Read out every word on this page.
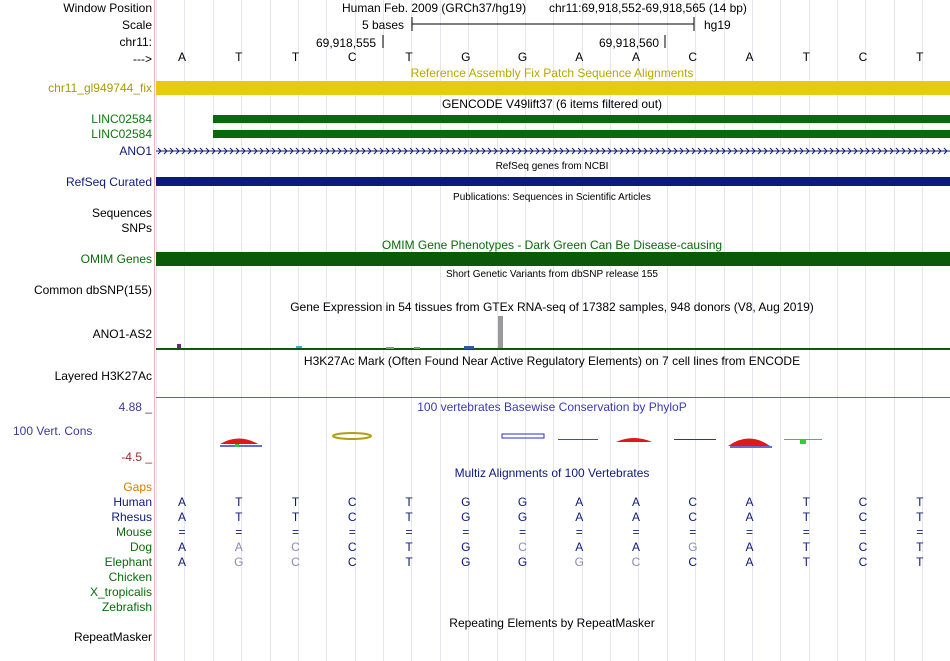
Window Position
Scale
chr11:
--->
Human Feb. 2009 (GRCh37/hg19) chr11:69,918,552-69,918,565 (14 bp)
5 bases	hg19
69,918,555	69,918,560
A	T	T	C	T	G	G	A	A	C	A	T	C	T
Reference Assembly Fix Patch Sequence Alignments
chr11_gl949744_fix
GENCODE V49lift37 (6 items filtered out)
LINC02584
LINC02584
ANO1
RefSeq genes from NCBI
RefSeq Curated
Publications: Sequences in Scientific Articles
Sequences
SNPs
OMIM Gene Phenotypes - Dark Green Can Be Disease-causing
OMIM Genes
Short Genetic Variants from dbSNP release 155
Common dbSNP(155)
Gene Expression in 54 tissues from GTEx RNA-seq of 17382 samples, 948 donors (V8, Aug 2019)
ANO1-AS2
H3K27Ac Mark (Often Found Near Active Regulatory Elements) on 7 cell lines from ENCODE
Layered H3K27Ac
100 vertebrates Basewise Conservation by PhyloP
4.88 _
100 Vert. Cons
-4.5 _
Multiz Alignments of 100 Vertebrates
Gaps
Human	A	T	T	C	T	G	G	A	A	C	A	T	C	T
Rhesus	A	T	T	C	T	G	G	A	A	C	A	T	C	T
Mouse	=	=	=	=	=	=	=	=	=	=	=	=	=	=
Dog	A	A	C	C	T	G	C	A	A	G	A	T	C	T
Elephant	A	G	C	C	T	G	G	G	C	C	A	T	C	T
Chicken
X_tropicalis
Zebrafish
Repeating Elements by RepeatMasker
RepeatMasker
